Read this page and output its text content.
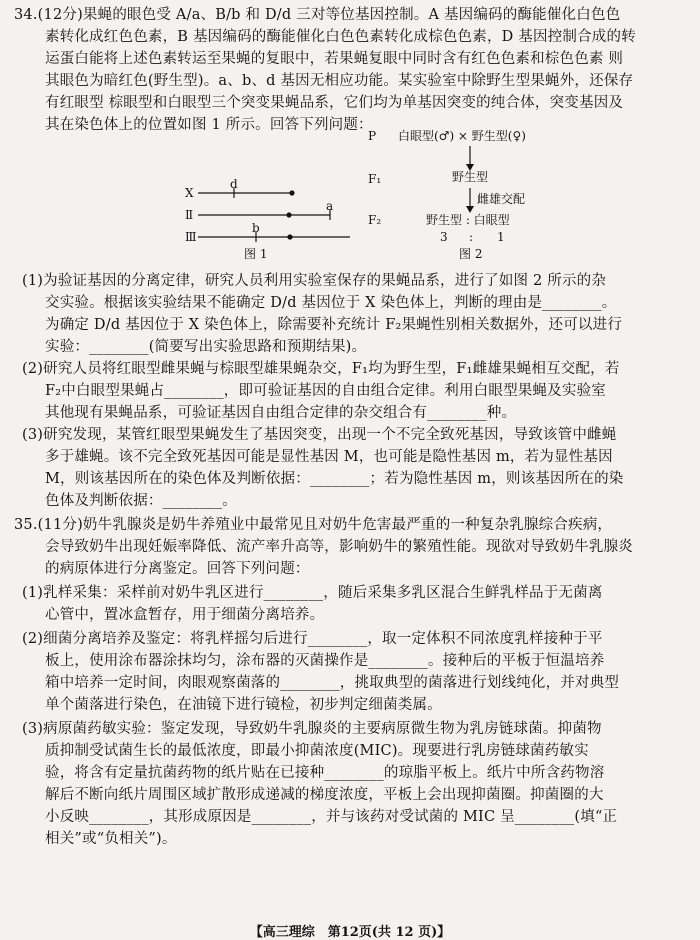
34.(12分)果蝇的眼色受 A/a、B/b 和 D/d 三对等位基因控制。A 基因编码的酶能催化白色色
素转化成红色色素，B 基因编码的酶能催化白色色素转化成棕色色素，D 基因控制合成的转
运蛋白能将上述色素转运至果蝇的复眼中，若果蝇复眼中同时含有红色色素和棕色色素 则
其眼色为暗红色(野生型)。a、b、d 基因无相应功能。某实验室中除野生型果蝇外，还保存
有红眼型 棕眼型和白眼型三个突变果蝇品系，它们均为单基因突变的纯合体，突变基因及
其在染色体上的位置如图 1 所示。回答下列问题：
X
Ⅱ
Ⅲ
d
a
b
图 1
P 白眼型(♂) × 野生型(♀)
F₁	野生型
雌雄交配
F₂	野生型 : 白眼型
3 : 1
图 2
(1)为验证基因的分离定律，研究人员利用实验室保存的果蝇品系，进行了如图 2 所示的杂
交实验。根据该实验结果不能确定 D/d 基因位于 X 染色体上，判断的理由是________。
为确定 D/d 基因位于 X 染色体上，除需要补充统计 F₂果蝇性别相关数据外，还可以进行
实验：________(简要写出实验思路和预期结果)。
(2)研究人员将红眼型雌果蝇与棕眼型雄果蝇杂交，F₁均为野生型，F₁雌雄果蝇相互交配，若
F₂中白眼型果蝇占________，即可验证基因的自由组合定律。利用白眼型果蝇及实验室
其他现有果蝇品系，可验证基因自由组合定律的杂交组合有________种。
(3)研究发现，某管红眼型果蝇发生了基因突变，出现一个不完全致死基因，导致该管中雌蝇
多于雄蝇。该不完全致死基因可能是显性基因 M，也可能是隐性基因 m，若为显性基因
M，则该基因所在的染色体及判断依据：________；若为隐性基因 m，则该基因所在的染
色体及判断依据：________。
35.(11分)奶牛乳腺炎是奶牛养殖业中最常见且对奶牛危害最严重的一种复杂乳腺综合疾病，
会导致奶牛出现妊娠率降低、流产率升高等，影响奶牛的繁殖性能。现欲对导致奶牛乳腺炎
的病原体进行分离鉴定。回答下列问题：
(1)乳样采集：采样前对奶牛乳区进行________，随后采集多乳区混合生鲜乳样品于无菌离
心管中，置冰盒暂存，用于细菌分离培养。
(2)细菌分离培养及鉴定：将乳样摇匀后进行________，取一定体积不同浓度乳样接种于平
板上，使用涂布器涂抹均匀，涂布器的灭菌操作是________。接种后的平板于恒温培养
箱中培养一定时间，肉眼观察菌落的________，挑取典型的菌落进行划线纯化，并对典型
单个菌落进行染色，在油镜下进行镜检，初步判定细菌类属。
(3)病原菌药敏实验：鉴定发现，导致奶牛乳腺炎的主要病原微生物为乳房链球菌。抑菌物
质抑制受试菌生长的最低浓度，即最小抑菌浓度(MIC)。现要进行乳房链球菌药敏实
验，将含有定量抗菌药物的纸片贴在已接种________的琼脂平板上。纸片中所含药物溶
解后不断向纸片周围区域扩散形成递减的梯度浓度，平板上会出现抑菌圈。抑菌圈的大
小反映________，其形成原因是________，并与该药对受试菌的 MIC 呈________(填“正
相关”或“负相关”)。
【高三理综　第12页(共 12 页)】
